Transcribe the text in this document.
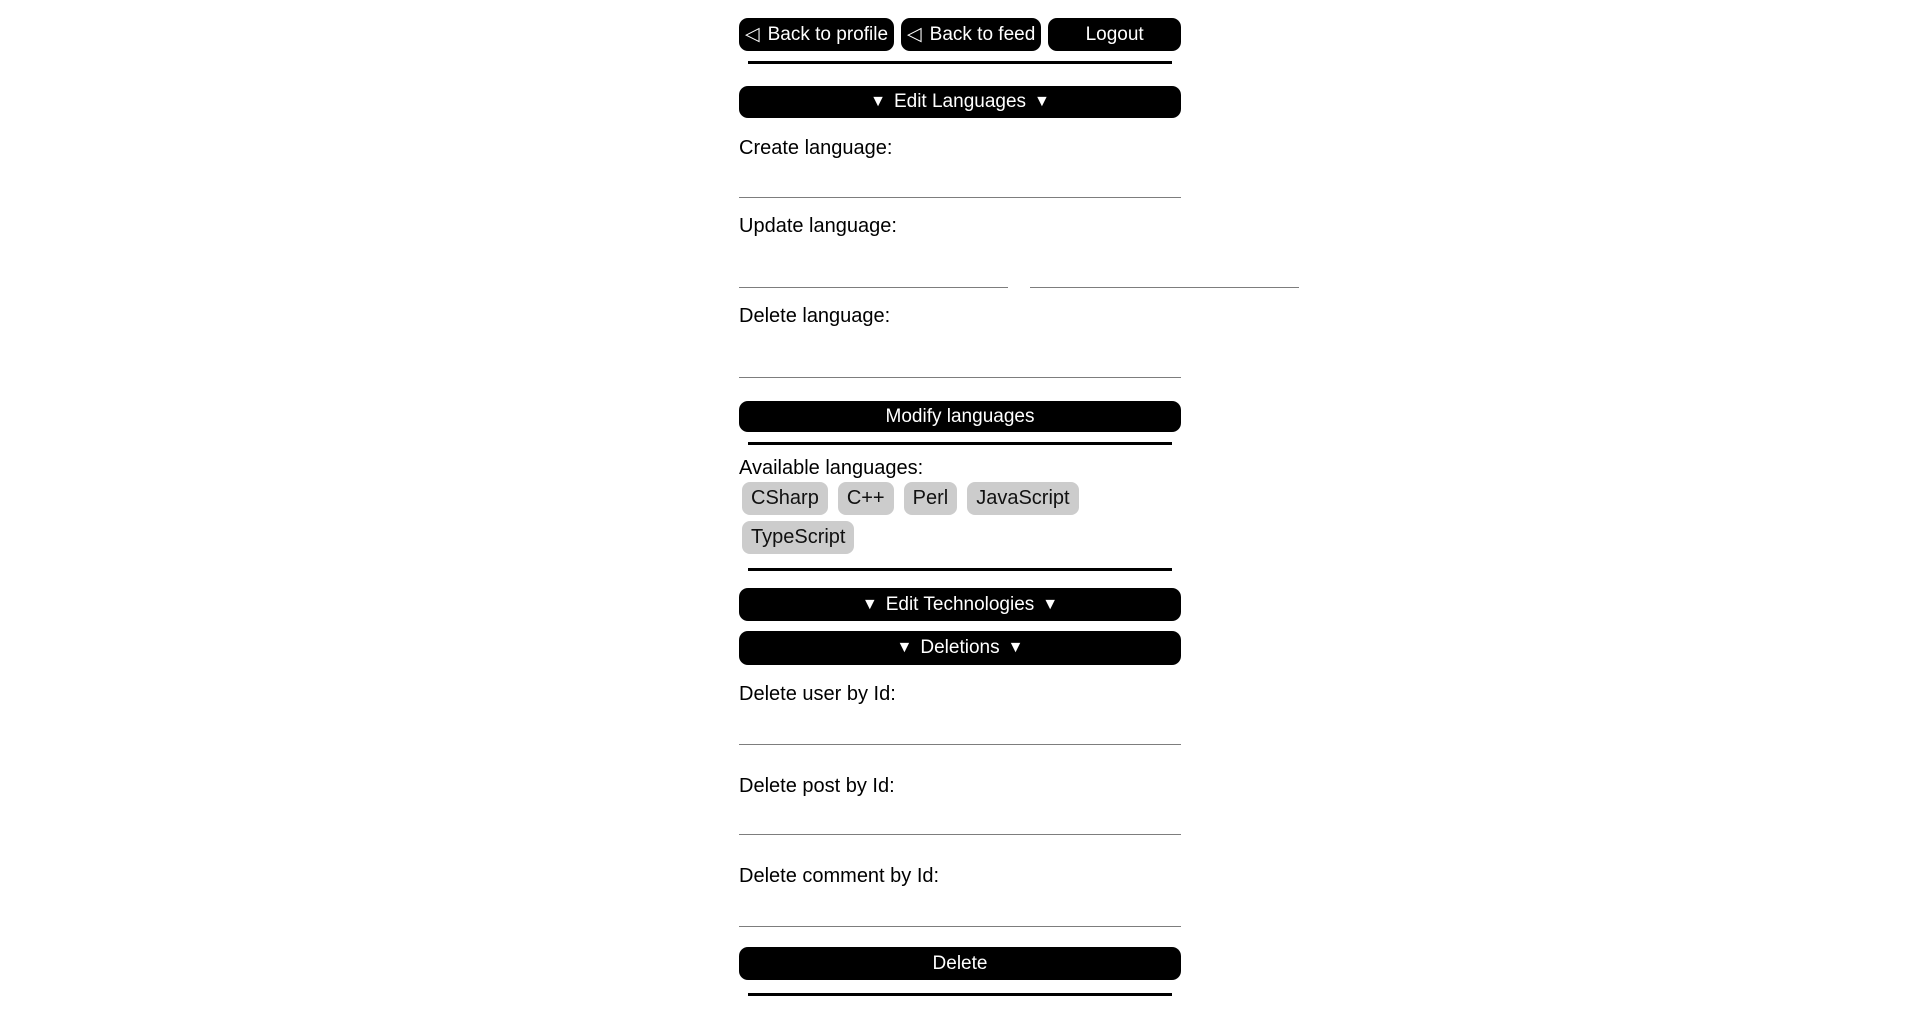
◁ Back to profile ◁ Back to feed	Logout
▼ Edit Languages ▼
Create language:
Update language:
Delete language:
Modify languages
Available languages:
CSharp	C++	Perl	JavaScript
TypeScript
▼ Edit Technologies ▼
▼ Deletions ▼
Delete user by Id:
Delete post by Id:
Delete comment by Id:
Delete
